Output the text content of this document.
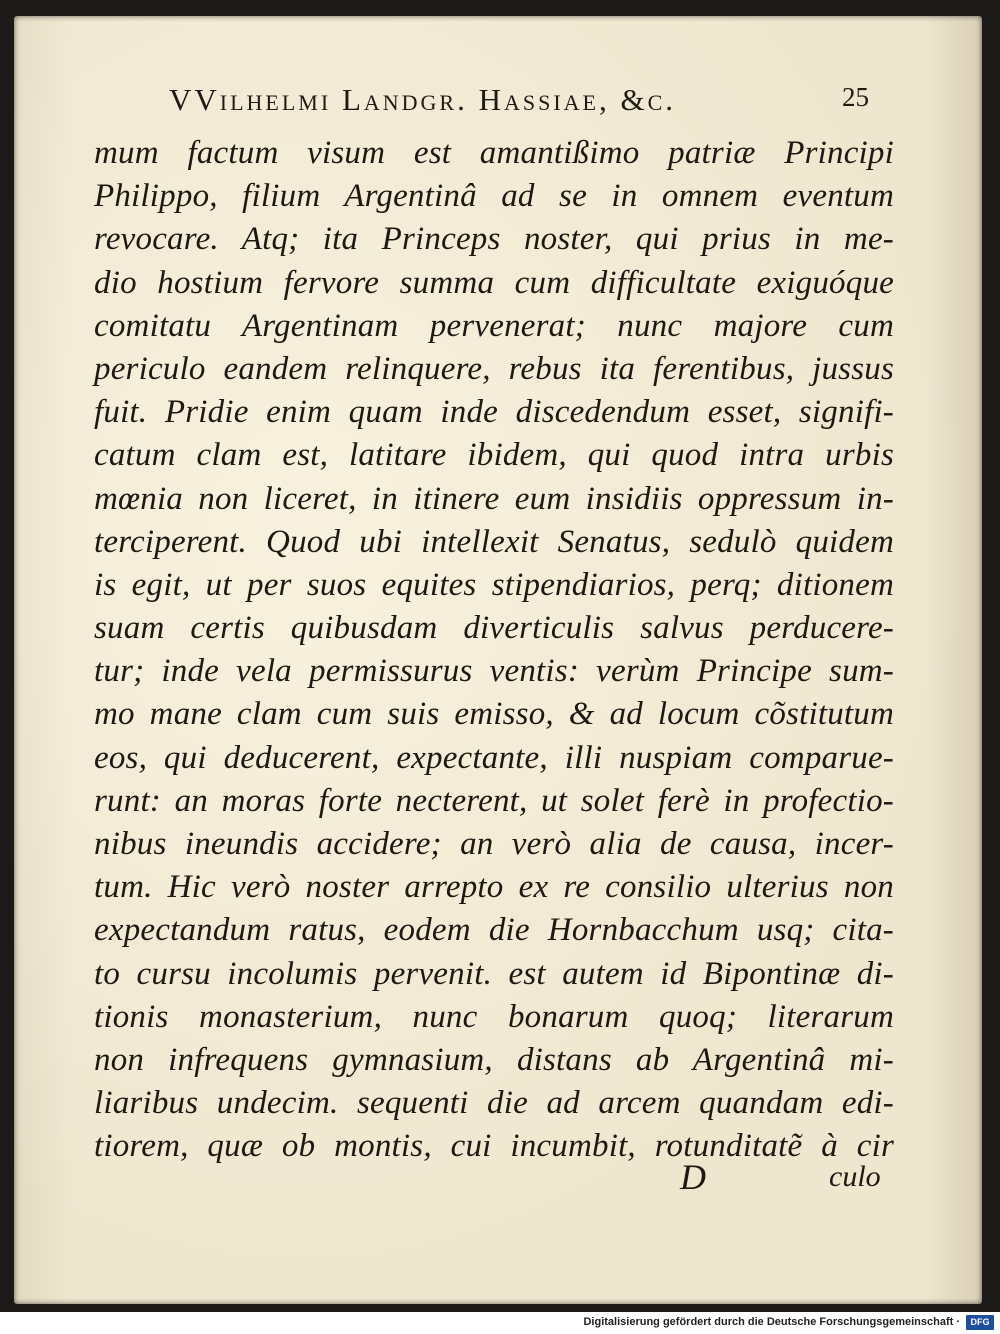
VVilhelmi Landgr. Hassiae, &c.	25
mum factum visum est amantißimo patriæ Principi
Philippo, filium Argentinâ ad se in omnem eventum
revocare. Atq; ita Princeps noster, qui prius in me-
dio hostium fervore summa cum difficultate exiguóque
comitatu Argentinam pervenerat; nunc majore cum
periculo eandem relinquere, rebus ita ferentibus, jussus
fuit. Pridie enim quam inde discedendum esset, signifi-
catum clam est, latitare ibidem, qui quod intra urbis
mœnia non liceret, in itinere eum insidiis oppressum in-
terciperent. Quod ubi intellexit Senatus, sedulò quidem
is egit, ut per suos equites stipendiarios, perq; ditionem
suam certis quibusdam diverticulis salvus perducere-
tur; inde vela permissurus ventis: verùm Principe sum-
mo mane clam cum suis emisso, & ad locum cõstitutum
eos, qui deducerent, expectante, illi nuspiam comparue-
runt: an moras forte necterent, ut solet ferè in profectio-
nibus ineundis accidere; an verò alia de causa, incer-
tum. Hic verò noster arrepto ex re consilio ulterius non
expectandum ratus, eodem die Hornbacchum usq; cita-
to cursu incolumis pervenit. est autem id Bipontinæ di-
tionis monasterium, nunc bonarum quoq; literarum
non infrequens gymnasium, distans ab Argentinâ mi-
liaribus undecim. sequenti die ad arcem quandam edi-
tiorem, quæ ob montis, cui incumbit, rotunditatẽ à cir
D	culo
Digitalisierung gefördert durch die Deutsche Forschungsgemeinschaft ·	DFG
